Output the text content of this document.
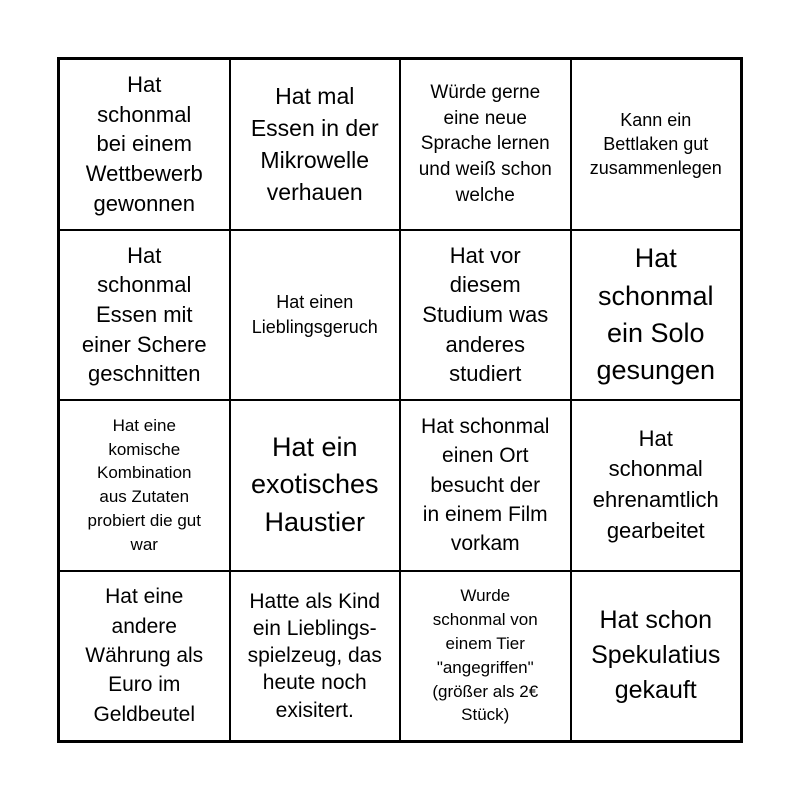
Hat
schonmal
bei einem
Wettbewerb
gewonnen
Hat mal
Essen in der
Mikrowelle
verhauen
Würde gerne
eine neue
Sprache lernen
und weiß schon
welche
Kann ein
Bettlaken gut
zusammenlegen
Hat
schonmal
Essen mit
einer Schere
geschnitten
Hat einen
Lieblingsgeruch
Hat vor
diesem
Studium was
anderes
studiert
Hat
schonmal
ein Solo
gesungen
Hat eine
komische
Kombination
aus Zutaten
probiert die gut
war
Hat ein
exotisches
Haustier
Hat schonmal
einen Ort
besucht der
in einem Film
vorkam
Hat
schonmal
ehrenamtlich
gearbeitet
Hat eine
andere
Währung als
Euro im
Geldbeutel
Hatte als Kind
ein Lieblings-
spielzeug, das
heute noch
exisitert.
Wurde
schonmal von
einem Tier
"angegriffen"
(größer als 2€
Stück)
Hat schon
Spekulatius
gekauft
